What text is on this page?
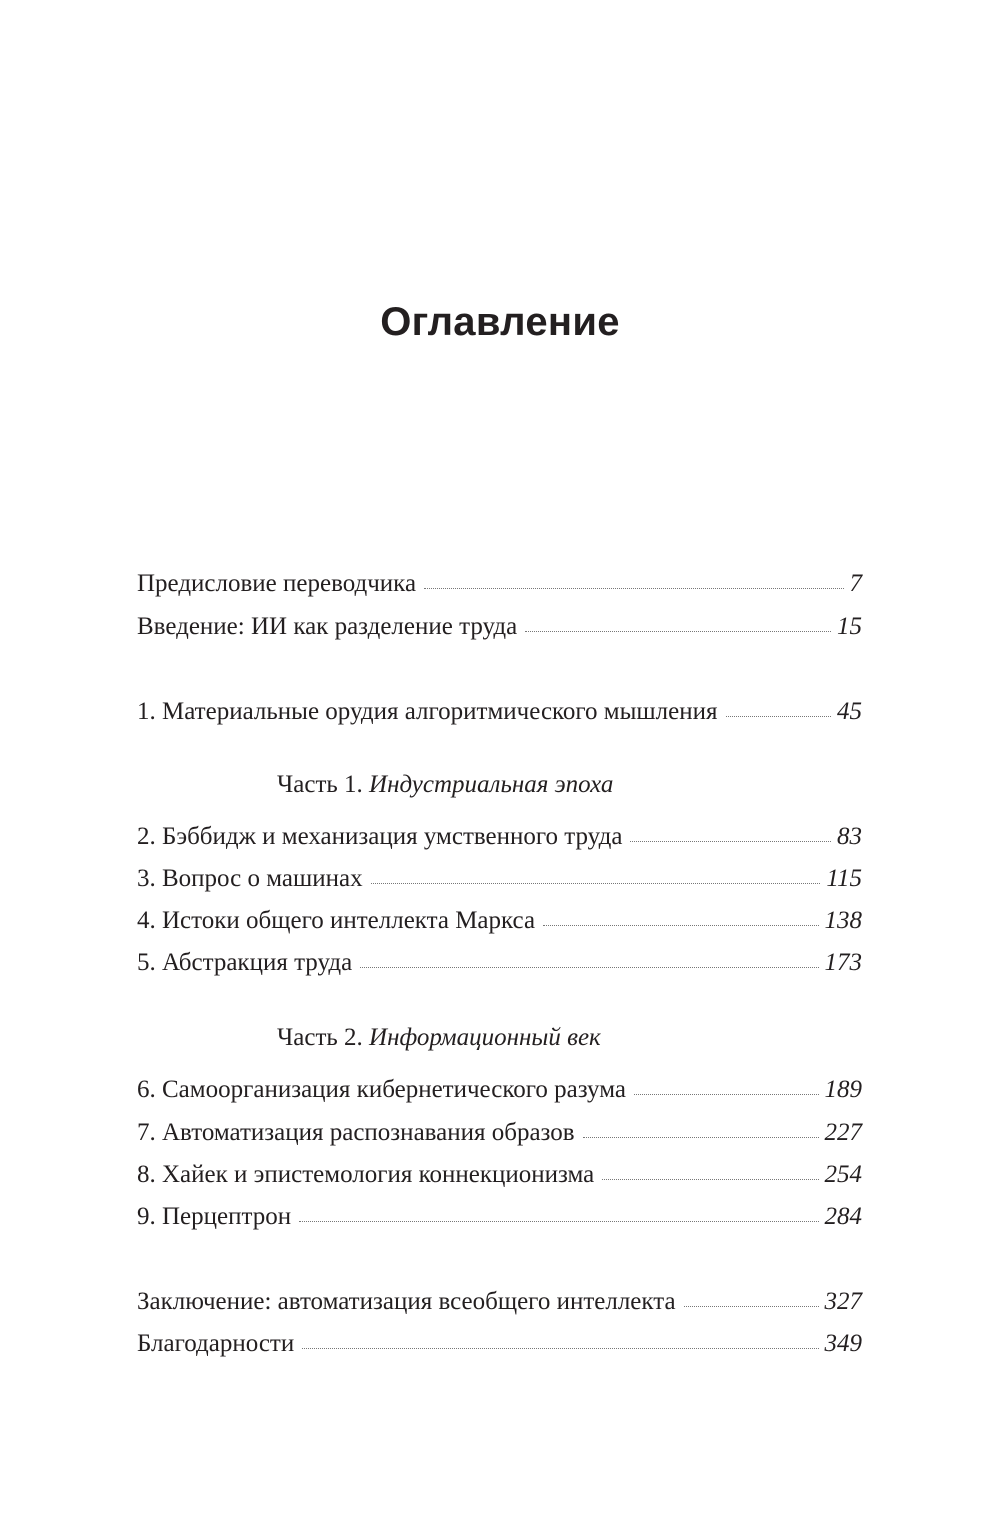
Оглавление
Предисловие переводчика	7
Введение: ИИ как разделение труда	15
1. Материальные орудия алгоритмического мышления	45
Часть 1. Индустриальная эпоха
2. Бэббидж и механизация умственного труда	83
3. Вопрос о машинах	115
4. Истоки общего интеллекта Маркса	138
5. Абстракция труда	173
Часть 2. Информационный век
6. Самоорганизация кибернетического разума	189
7. Автоматизация распознавания образов	227
8. Хайек и эпистемология коннекционизма	254
9. Перцептрон	284
Заключение: автоматизация всеобщего интеллекта	327
Благодарности	349
